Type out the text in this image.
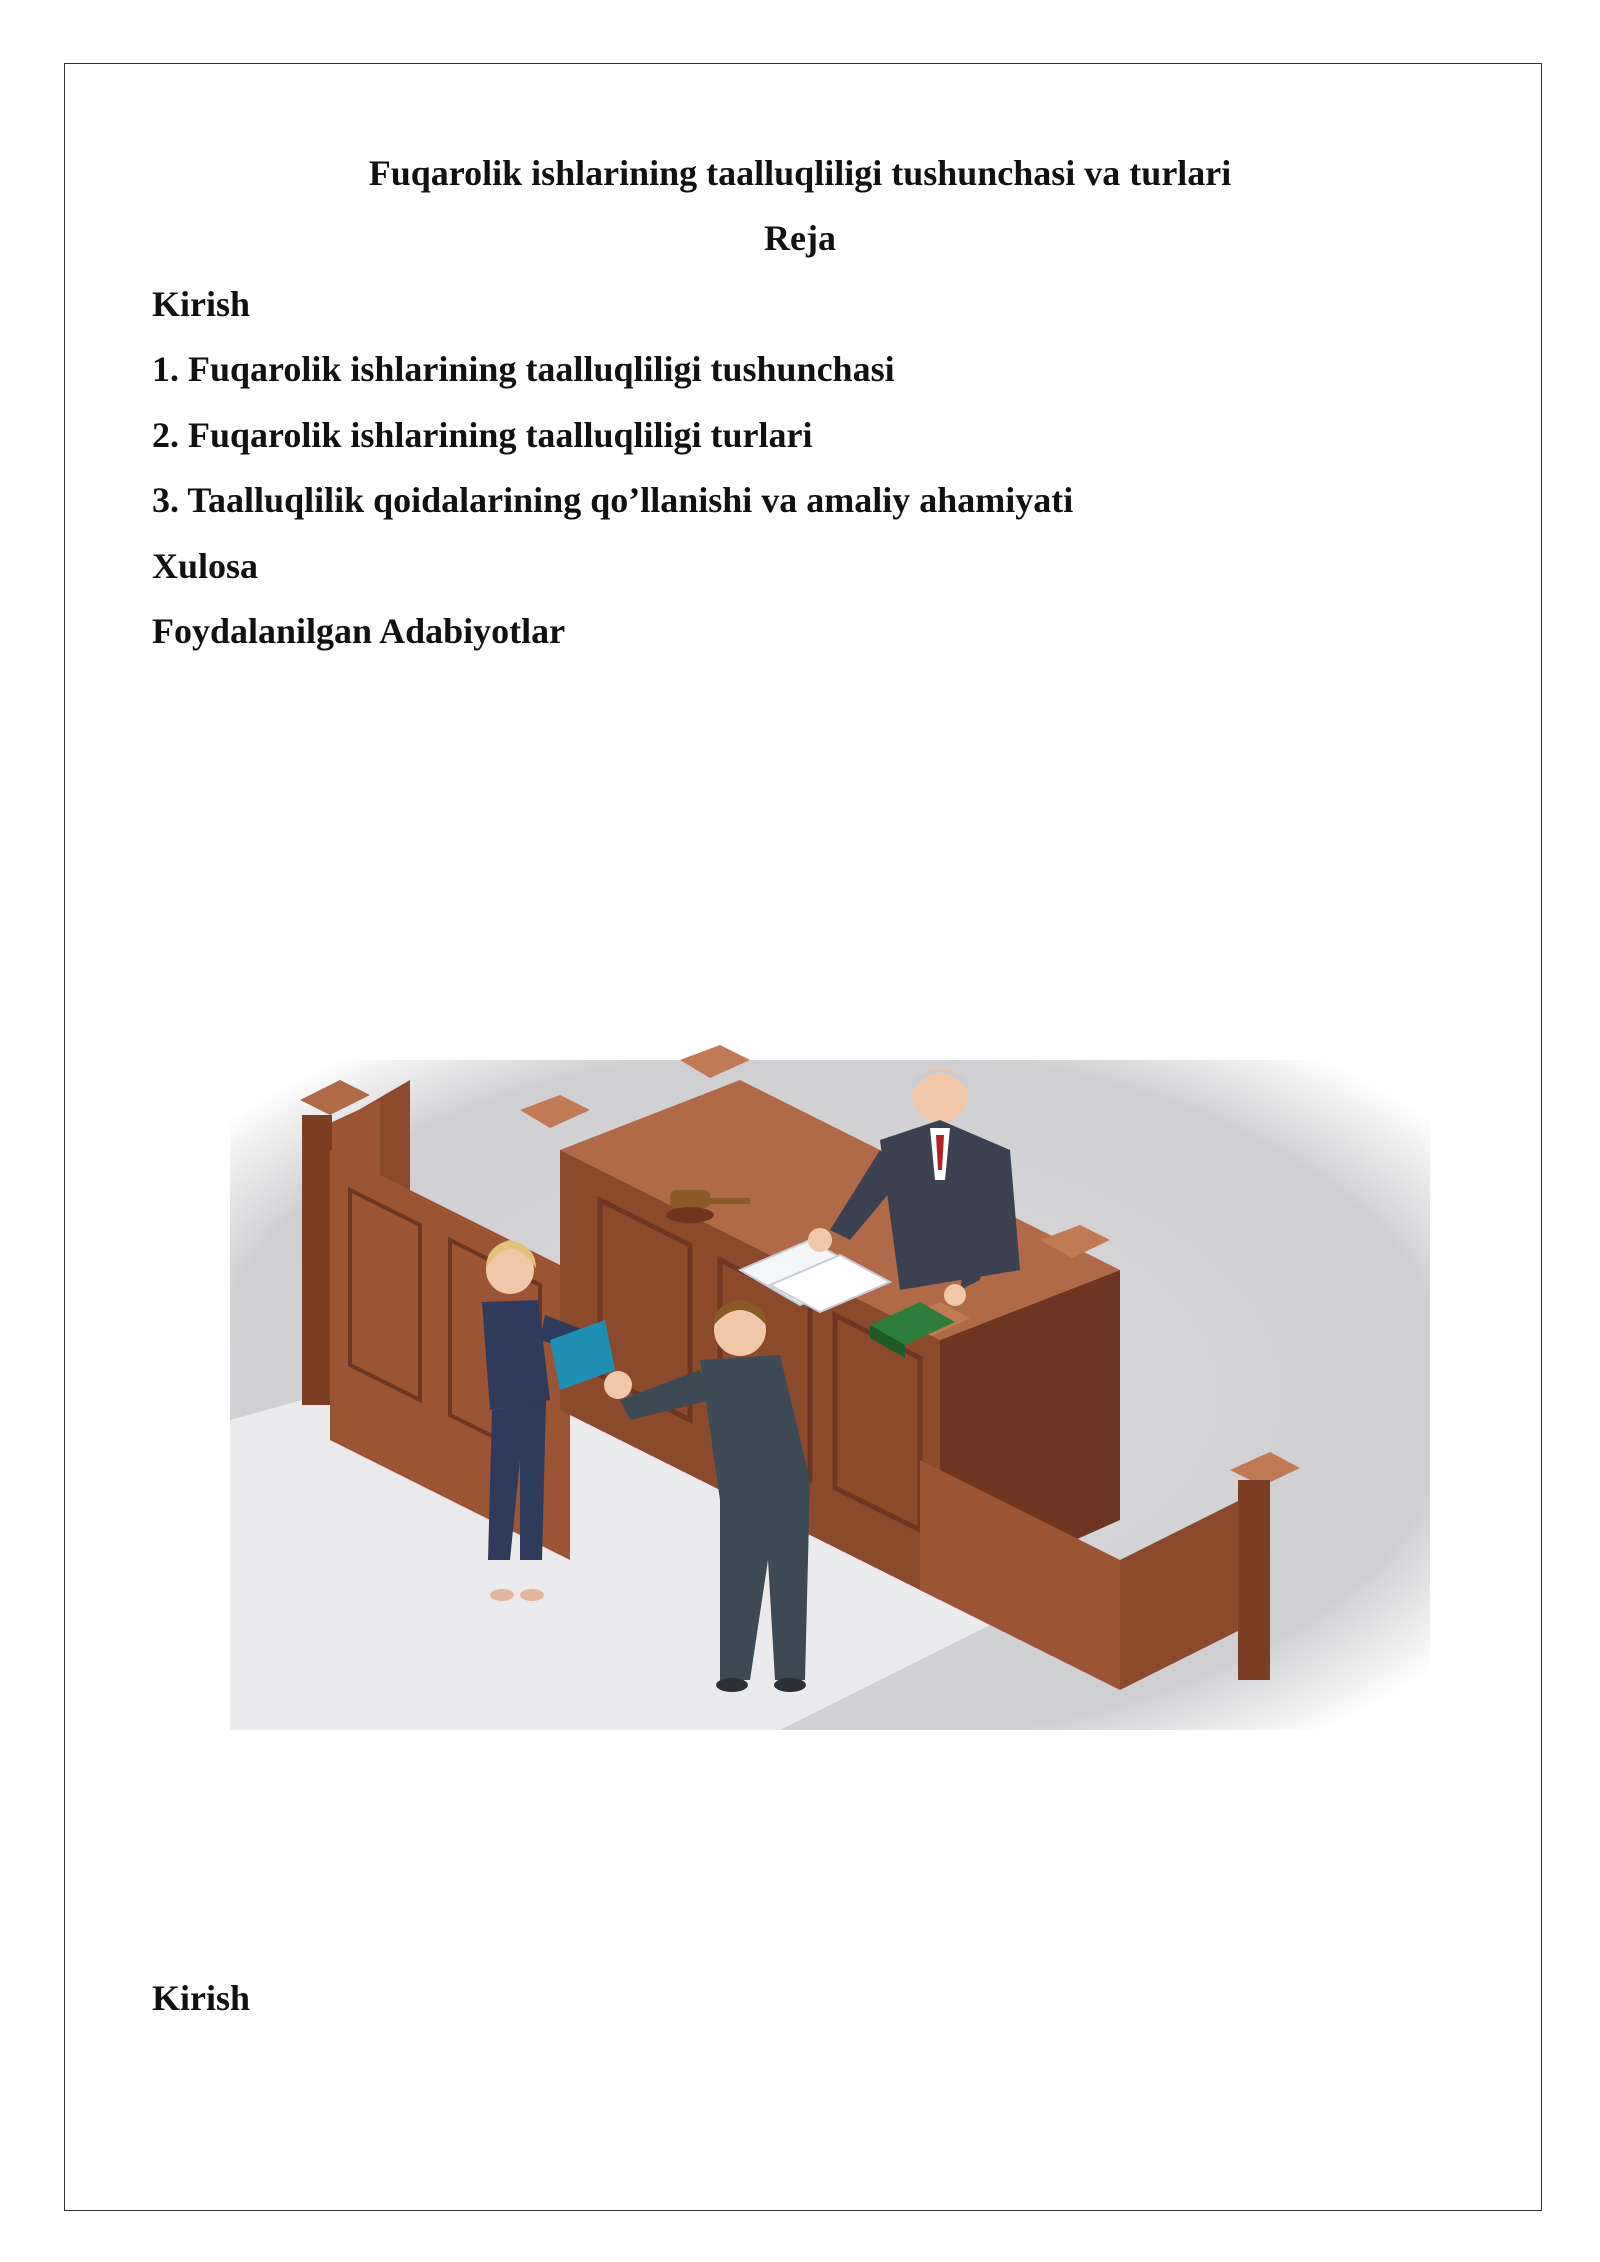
Fuqarolik ishlarining taalluqliligi tushunchasi va turlari
Reja
Kirish
1. Fuqarolik ishlarining taalluqliligi tushunchasi
2. Fuqarolik ishlarining taalluqliligi turlari
3. Taalluqlilik qoidalarining qo’llanishi va amaliy ahamiyati
Xulosa
Foydalanilgan Adabiyotlar
Kirish
